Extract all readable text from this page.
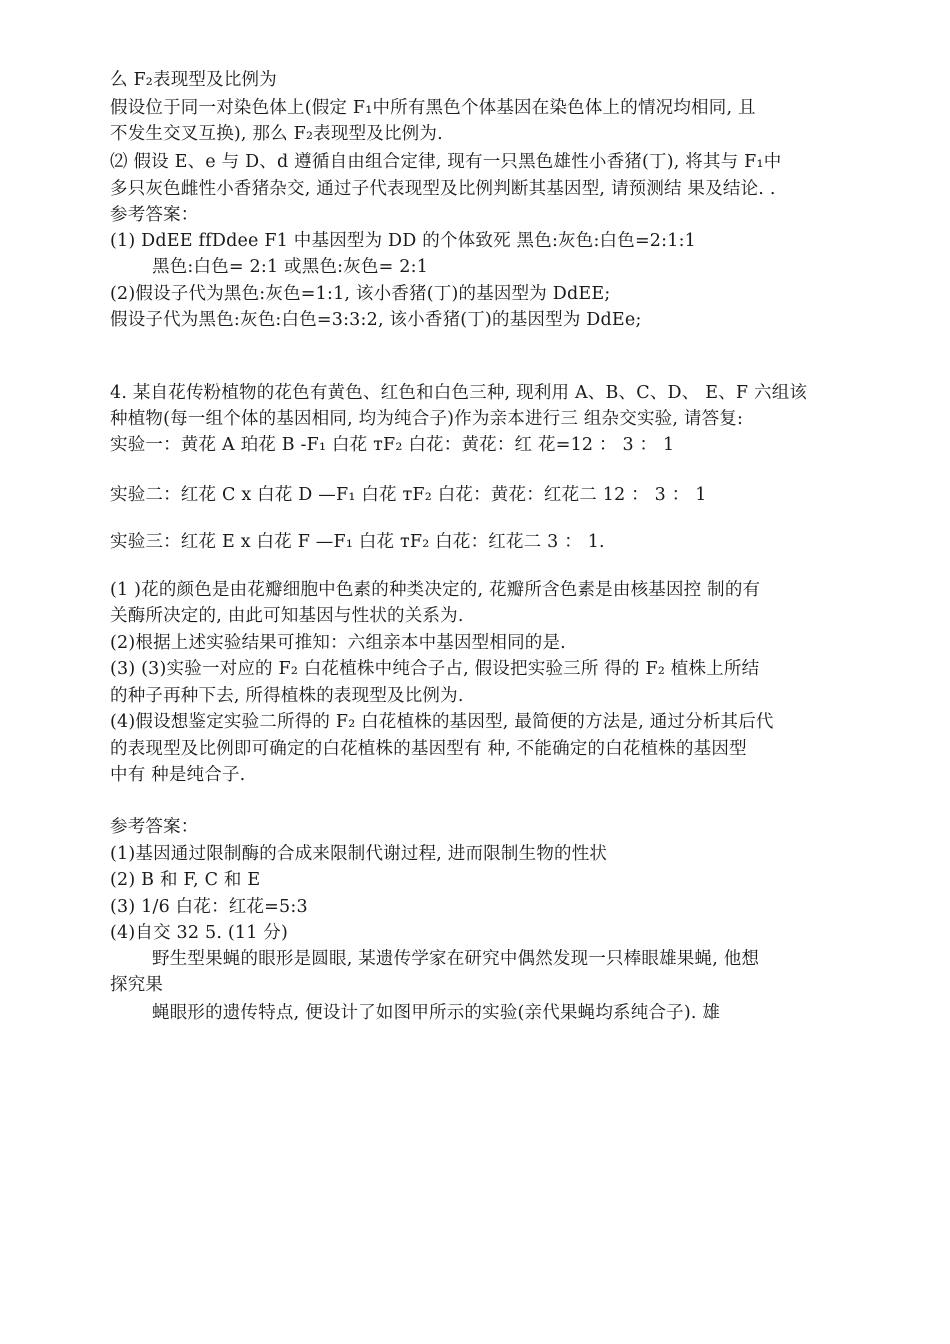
么 F₂表现型及比例为
假设位于同一对染色体上(假定 F₁中所有黑色个体基因在染色体上的情况均相同, 且
不发生交叉互换), 那么 F₂表现型及比例为.
⑵ 假设 E、e 与 D、d 遵循自由组合定律, 现有一只黑色雄性小香猪(丁), 将其与 F₁中
多只灰色雌性小香猪杂交, 通过子代表现型及比例判断其基因型, 请预测结 果及结论. .
参考答案：
(1) DdEE ffDdee F1 中基因型为 DD 的个体致死 黑色:灰色:白色=2:1:1
黑色:白色= 2:1 或黑色:灰色= 2:1
(2)假设子代为黑色:灰色=1:1, 该小香猪(丁)的基因型为 DdEE;
假设子代为黑色:灰色:白色=3:3:2, 该小香猪(丁)的基因型为 DdEe;
4. 某自花传粉植物的花色有黄色、红色和白色三种, 现利用 A、B、C、D、 E、F 六组该
种植物(每一组个体的基因相同, 均为纯合子)作为亲本进行三 组杂交实验, 请答复:
实验一：黄花 A 珀花 B -F₁ 白花 ᴛF₂ 白花：黄花：红 花=12 ： 3 ： 1
实验二：红花 C x 白花 D —F₁ 白花 ᴛF₂ 白花：黄花：红花二 12 ： 3 ： 1
实验三：红花 E x 白花 F —F₁ 白花 ᴛF₂ 白花：红花二 3 ： 1.
(1 )花的颜色是由花瓣细胞中色素的种类决定的, 花瓣所含色素是由核基因控 制的有
关酶所决定的, 由此可知基因与性状的关系为.
(2)根据上述实验结果可推知：六组亲本中基因型相同的是.
(3) (3)实验一对应的 F₂ 白花植株中纯合子占, 假设把实验三所 得的 F₂ 植株上所结
的种子再种下去, 所得植株的表现型及比例为.
(4)假设想鉴定实验二所得的 F₂ 白花植株的基因型, 最简便的方法是, 通过分析其后代
的表现型及比例即可确定的白花植株的基因型有 种, 不能确定的白花植株的基因型
中有 种是纯合子.
参考答案：
(1)基因通过限制酶的合成来限制代谢过程, 进而限制生物的性状
(2) B 和 F, C 和 E
(3) 1/6 白花：红花=5:3
(4)自交 32 5. (11 分)
野生型果蝇的眼形是圆眼, 某遗传学家在研究中偶然发现一只棒眼雄果蝇, 他想
探究果
蝇眼形的遗传特点, 便设计了如图甲所示的实验(亲代果蝇均系纯合子). 雄
